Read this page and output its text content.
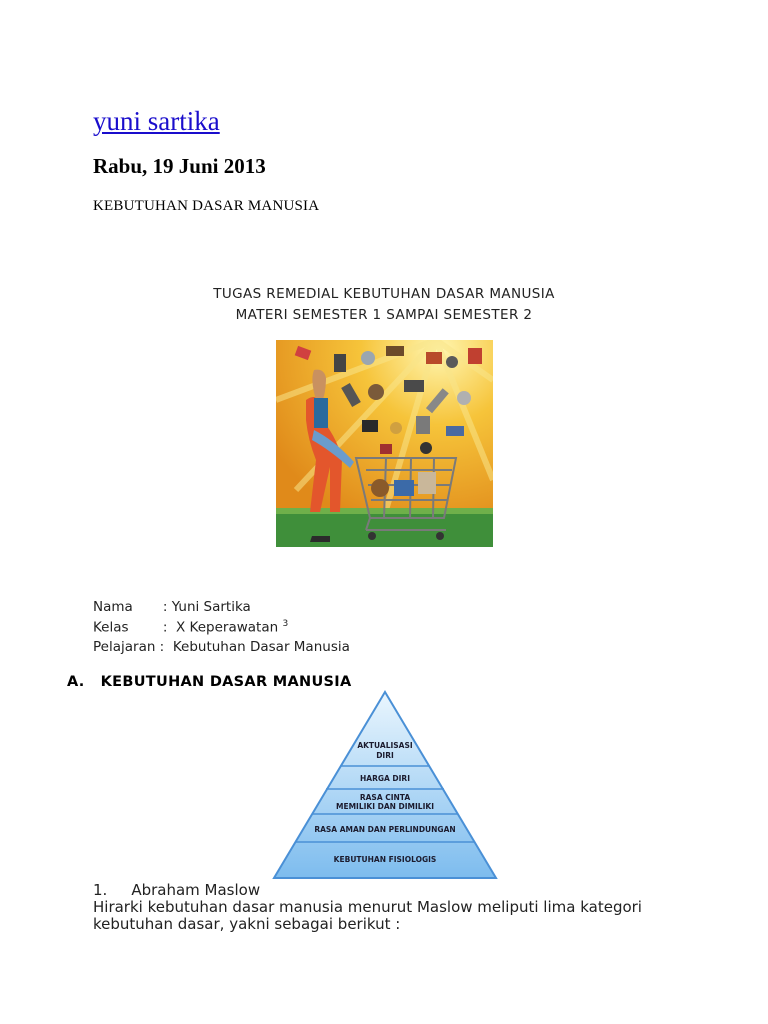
yuni sartika
Rabu, 19 Juni 2013
KEBUTUHAN DASAR MANUSIA
TUGAS REMEDIAL KEBUTUHAN DASAR MANUSIA
MATERI SEMESTER 1 SAMPAI SEMESTER 2
Nama       : Yuni Sartika
Kelas        :  X Keperawatan $^3$
Pelajaran :  Kebutuhan Dasar Manusia
A.   KEBUTUHAN DASAR MANUSIA
AKTUALISASI
DIRI
HARGA DIRI
RASA CINTA
MEMILIKI DAN DIMILIKI
RASA AMAN DAN PERLINDUNGAN
KEBUTUHAN FISIOLOGIS
1. Abraham Maslow
Hirarki kebutuhan dasar manusia menurut Maslow meliputi lima kategori
kebutuhan dasar, yakni sebagai berikut :
